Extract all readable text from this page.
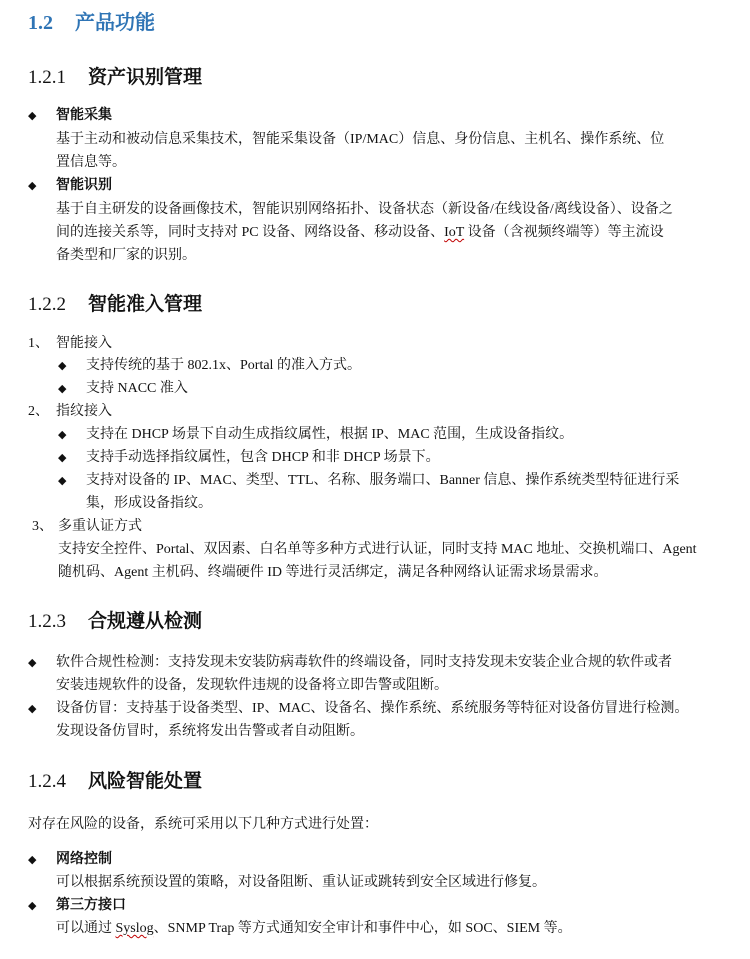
1.2 产品功能
1.2.1 资产识别管理
◆ 智能采集
基于主动和被动信息采集技术，智能采集设备（IP/MAC）信息、身份信息、主机名、操作系统、位
置信息等。
◆ 智能识别
基于自主研发的设备画像技术，智能识别网络拓扑、设备状态（新设备/在线设备/离线设备）、设备之
间的连接关系等，同时支持对 PC 设备、网络设备、移动设备、IoT 设备（含视频终端等）等主流设
备类型和厂家的识别。
1.2.2 智能准入管理
1、 智能接入
◆ 支持传统的基于 802.1x、Portal 的准入方式。
◆ 支持 NACC 准入
2、 指纹接入
◆ 支持在 DHCP 场景下自动生成指纹属性，根据 IP、MAC 范围，生成设备指纹。
◆ 支持手动选择指纹属性，包含 DHCP 和非 DHCP 场景下。
◆ 支持对设备的 IP、MAC、类型、TTL、名称、服务端口、Banner 信息、操作系统类型特征进行采
集，形成设备指纹。
3、 多重认证方式
支持安全控件、Portal、双因素、白名单等多种方式进行认证，同时支持 MAC 地址、交换机端口、Agent
随机码、Agent 主机码、终端硬件 ID 等进行灵活绑定，满足各种网络认证需求场景需求。
1.2.3 合规遵从检测
◆ 软件合规性检测：支持发现未安装防病毒软件的终端设备，同时支持发现未安装企业合规的软件或者
安装违规软件的设备，发现软件违规的设备将立即告警或阻断。
◆ 设备仿冒：支持基于设备类型、IP、MAC、设备名、操作系统、系统服务等特征对设备仿冒进行检测。
发现设备仿冒时，系统将发出告警或者自动阻断。
1.2.4 风险智能处置
对存在风险的设备，系统可采用以下几种方式进行处置：
◆ 网络控制
可以根据系统预设置的策略，对设备阻断、重认证或跳转到安全区域进行修复。
◆ 第三方接口
可以通过 Syslog、SNMP Trap 等方式通知安全审计和事件中心，如 SOC、SIEM 等。
